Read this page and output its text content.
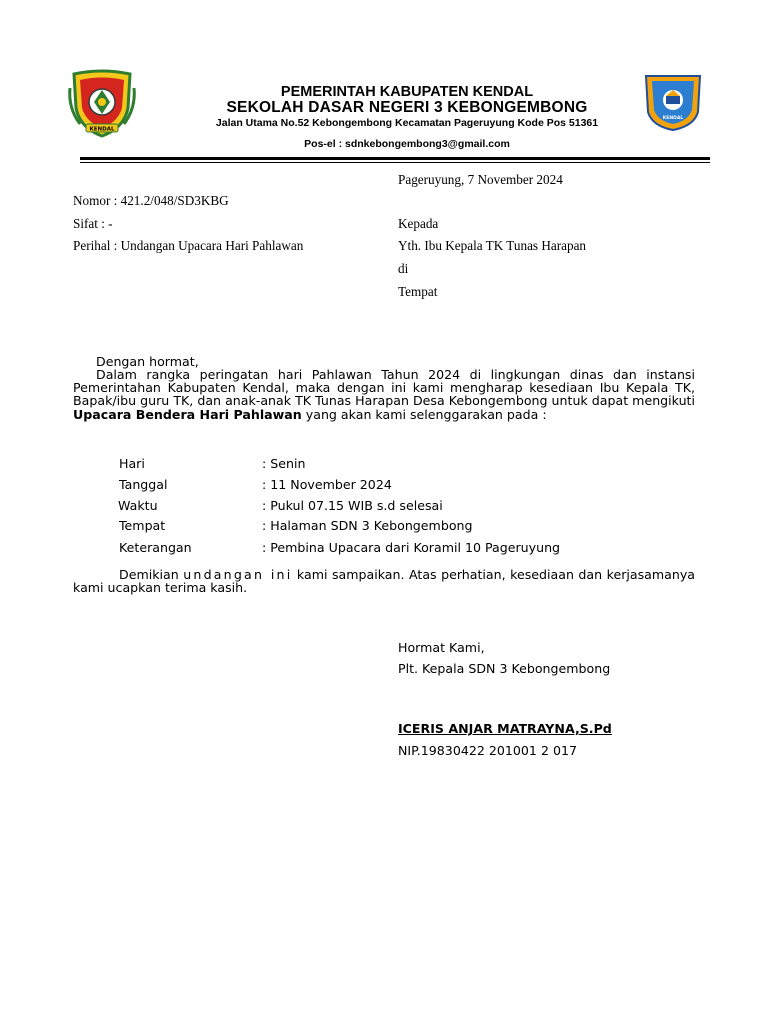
KENDAL
KENDAL
PEMERINTAH KABUPATEN KENDAL
SEKOLAH DASAR NEGERI 3 KEBONGEMBONG
Jalan Utama No.52 Kebongembong Kecamatan Pageruyung Kode Pos 51361
Pos-el : sdnkebongembong3@gmail.com
Pageruyung, 7 November 2024
Nomor : 421.2/048/SD3KBG
Sifat : -	Kepada
Perihal : Undangan Upacara Hari Pahlawan	Yth. Ibu Kepala TK Tunas Harapan
di
Tempat
Dengan hormat,
Dalam rangka peringatan hari Pahlawan Tahun 2024 di lingkungan dinas dan instansi Pemerintahan Kabupaten Kendal, maka dengan ini kami mengharap kesediaan Ibu Kepala TK, Bapak/ibu guru TK, dan anak-anak TK Tunas Harapan Desa Kebongembong untuk dapat mengikuti Upacara Bendera Hari Pahlawan yang akan kami selenggarakan pada :
Hari	: Senin
Tanggal	: 11 November 2024
Waktu	: Pukul 07.15 WIB s.d selesai
Tempat	: Halaman SDN 3 Kebongembong
Keterangan	: Pembina Upacara dari Koramil 10 Pageruyung
Demikian undangan ini kami sampaikan. Atas perhatian, kesediaan dan kerjasamanya kami ucapkan terima kasih.
Hormat Kami,
Plt. Kepala SDN 3 Kebongembong
ICERIS ANJAR MATRAYNA,S.Pd
NIP.19830422 201001 2 017
